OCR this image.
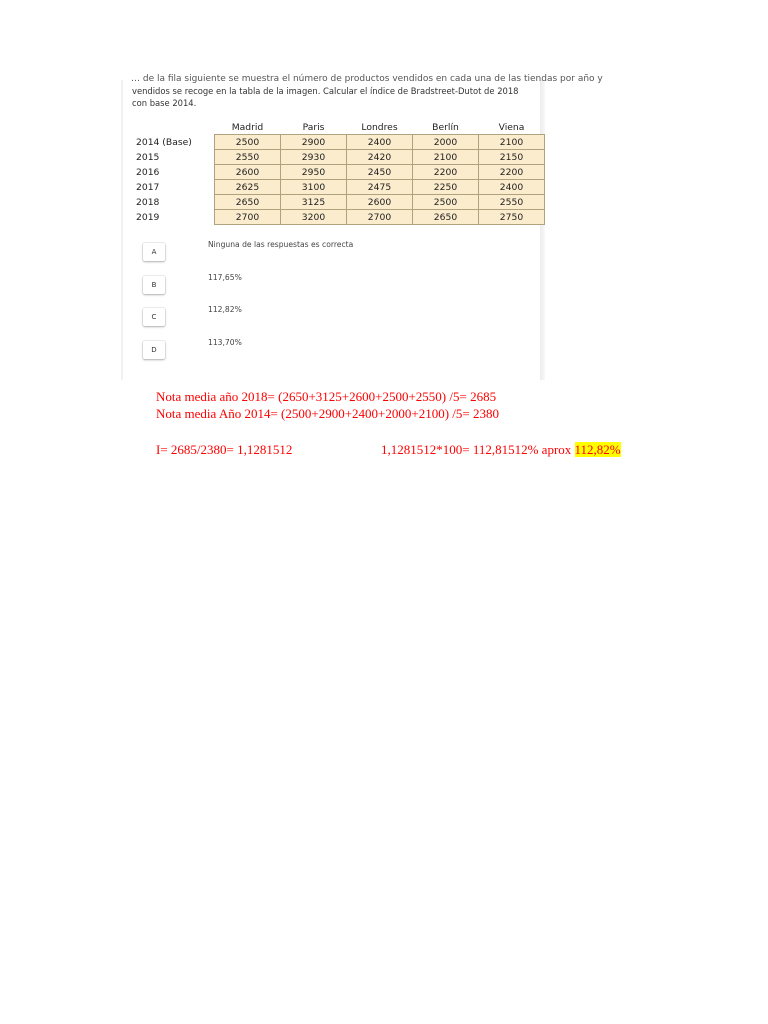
… de la fila siguiente se muestra el número de productos vendidos en cada una de las tiendas por año y
vendidos se recoge en la tabla de la imagen. Calcular el índice de Bradstreet-Dutot de 2018 con base 2014.
	Madrid	Paris	Londres	Berlín	Viena
2014 (Base)	2500	2900	2400	2000	2100
2015	2550	2930	2420	2100	2150
2016	2600	2950	2450	2200	2200
2017	2625	3100	2475	2250	2400
2018	2650	3125	2600	2500	2550
2019	2700	3200	2700	2650	2750
A
Ninguna de las respuestas es correcta
B
117,65%
C
112,82%
D
113,70%
Nota media año 2018= (2650+3125+2600+2500+2550) /5= 2685
Nota media Año 2014= (2500+2900+2400+2000+2100) /5= 2380
I= 2685/2380= 1,1281512	1,1281512*100= 112,81512% aprox 112,82%
